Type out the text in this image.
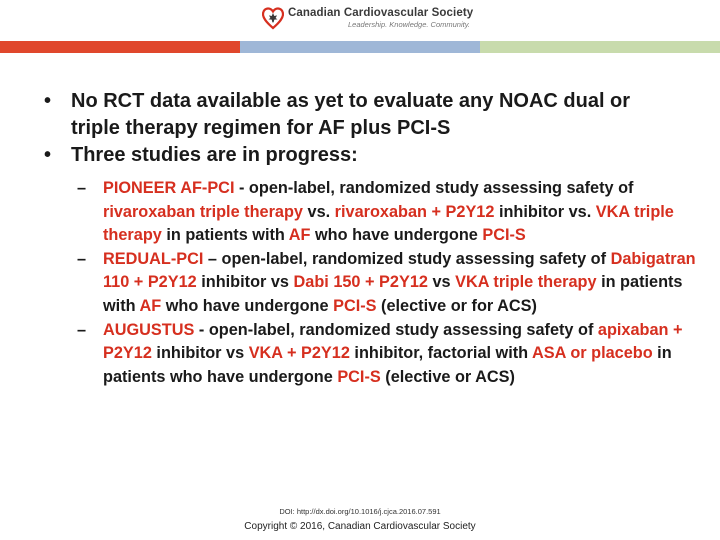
Canadian Cardiovascular Society
Leadership. Knowledge. Community.
• No RCT data available as yet to evaluate any NOAC dual or triple therapy regimen for AF plus PCI-S
• Three studies are in progress:
– PIONEER AF-PCI - open-label, randomized study assessing safety of rivaroxaban triple therapy vs. rivaroxaban + P2Y12 inhibitor vs. VKA triple therapy in patients with AF who have undergone PCI-S
– REDUAL-PCI – open-label, randomized study assessing safety of Dabigatran 110 + P2Y12 inhibitor vs Dabi 150 + P2Y12 vs VKA triple therapy in patients with AF who have undergone PCI-S (elective or for ACS)
– AUGUSTUS - open-label, randomized study assessing safety of apixaban + P2Y12 inhibitor vs VKA + P2Y12 inhibitor, factorial with ASA or placebo in patients who have undergone PCI-S (elective or ACS)
DOI: http://dx.doi.org/10.1016/j.cjca.2016.07.591
Copyright © 2016, Canadian Cardiovascular Society
